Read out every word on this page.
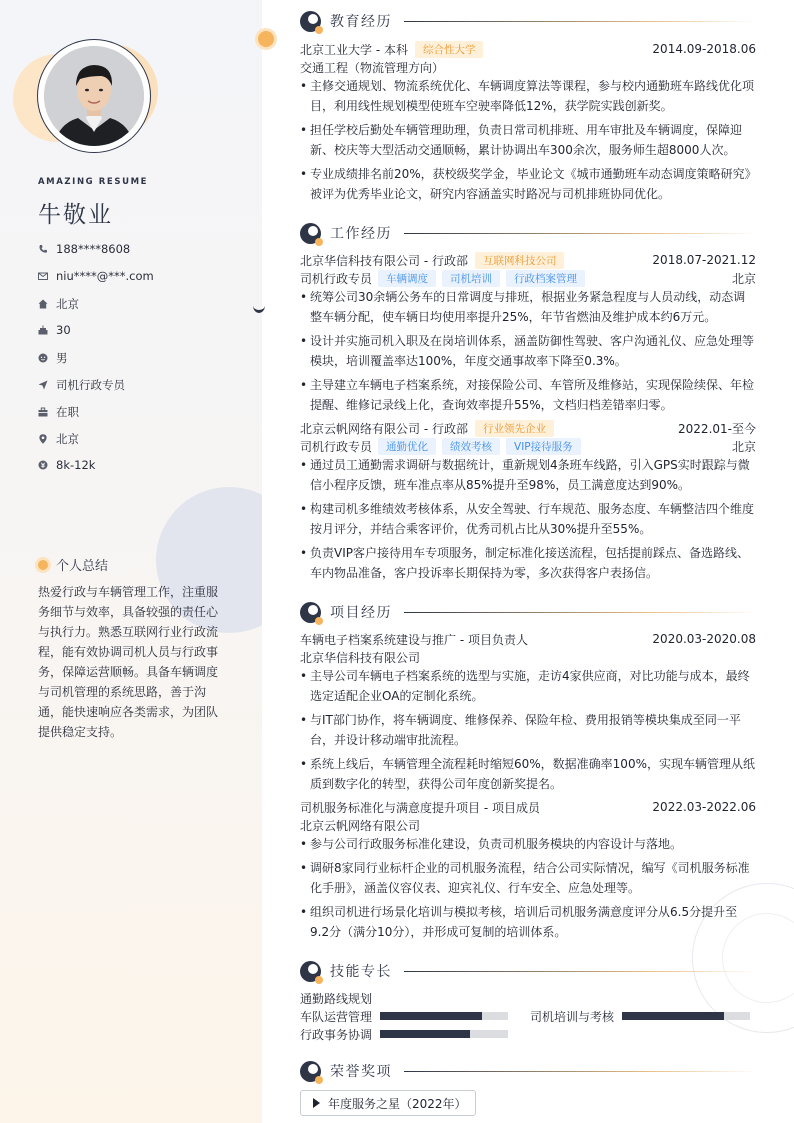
AMAZING RESUME
牛敬业
188****8608
niu****@***.com
北京
30
男
司机行政专员
在职
北京
8k-12k
个人总结
热爱行政与车辆管理工作，注重服务细节与效率，具备较强的责任心与执行力。熟悉互联网行业行政流程，能有效协调司机人员与行政事务，保障运营顺畅。具备车辆调度与司机管理的系统思路，善于沟通，能快速响应各类需求，为团队提供稳定支持。
教育经历
北京工业大学 - 本科	综合性大学	2014.09-2018.06
交通工程（物流管理方向）
• 主修交通规划、物流系统优化、车辆调度算法等课程，参与校内通勤班车路线优化项目，利用线性规划模型使班车空驶率降低12%，获学院实践创新奖。
• 担任学校后勤处车辆管理助理，负责日常司机排班、用车审批及车辆调度，保障迎新、校庆等大型活动交通顺畅，累计协调出车300余次，服务师生超8000人次。
• 专业成绩排名前20%，获校级奖学金，毕业论文《城市通勤班车动态调度策略研究》被评为优秀毕业论文，研究内容涵盖实时路况与司机排班协同优化。
工作经历
北京华信科技有限公司 - 行政部	互联网科技公司	2018.07-2021.12
司机行政专员	车辆调度	司机培训	行政档案管理	北京
• 统筹公司30余辆公务车的日常调度与排班，根据业务紧急程度与人员动线，动态调整车辆分配，使车辆日均使用率提升25%，年节省燃油及维护成本约6万元。
• 设计并实施司机入职及在岗培训体系，涵盖防御性驾驶、客户沟通礼仪、应急处理等模块，培训覆盖率达100%，年度交通事故率下降至0.3%。
• 主导建立车辆电子档案系统，对接保险公司、车管所及维修站，实现保险续保、年检提醒、维修记录线上化，查询效率提升55%，文档归档差错率归零。
北京云帆网络有限公司 - 行政部	行业领先企业	2022.01-至今
司机行政专员	通勤优化	绩效考核	VIP接待服务	北京
• 通过员工通勤需求调研与数据统计，重新规划4条班车线路，引入GPS实时跟踪与微信小程序反馈，班车准点率从85%提升至98%，员工满意度达到90%。
• 构建司机多维绩效考核体系，从安全驾驶、行车规范、服务态度、车辆整洁四个维度按月评分，并结合乘客评价，优秀司机占比从30%提升至55%。
• 负责VIP客户接待用车专项服务，制定标准化接送流程，包括提前踩点、备选路线、车内物品准备，客户投诉率长期保持为零，多次获得客户表扬信。
项目经历
车辆电子档案系统建设与推广 - 项目负责人	2020.03-2020.08
北京华信科技有限公司
• 主导公司车辆电子档案系统的选型与实施，走访4家供应商，对比功能与成本，最终选定适配企业OA的定制化系统。
• 与IT部门协作，将车辆调度、维修保养、保险年检、费用报销等模块集成至同一平台，并设计移动端审批流程。
• 系统上线后，车辆管理全流程耗时缩短60%，数据准确率100%，实现车辆管理从纸质到数字化的转型，获得公司年度创新奖提名。
司机服务标准化与满意度提升项目 - 项目成员	2022.03-2022.06
北京云帆网络有限公司
• 参与公司行政服务标准化建设，负责司机服务模块的内容设计与落地。
• 调研8家同行业标杆企业的司机服务流程，结合公司实际情况，编写《司机服务标准化手册》，涵盖仪容仪表、迎宾礼仪、行车安全、应急处理等。
• 组织司机进行场景化培训与模拟考核，培训后司机服务满意度评分从6.5分提升至9.2分（满分10分），并形成可复制的培训体系。
技能专长
通勤路线规划
车队运营管理	司机培训与考核
行政事务协调
荣誉奖项
年度服务之星（2022年）
